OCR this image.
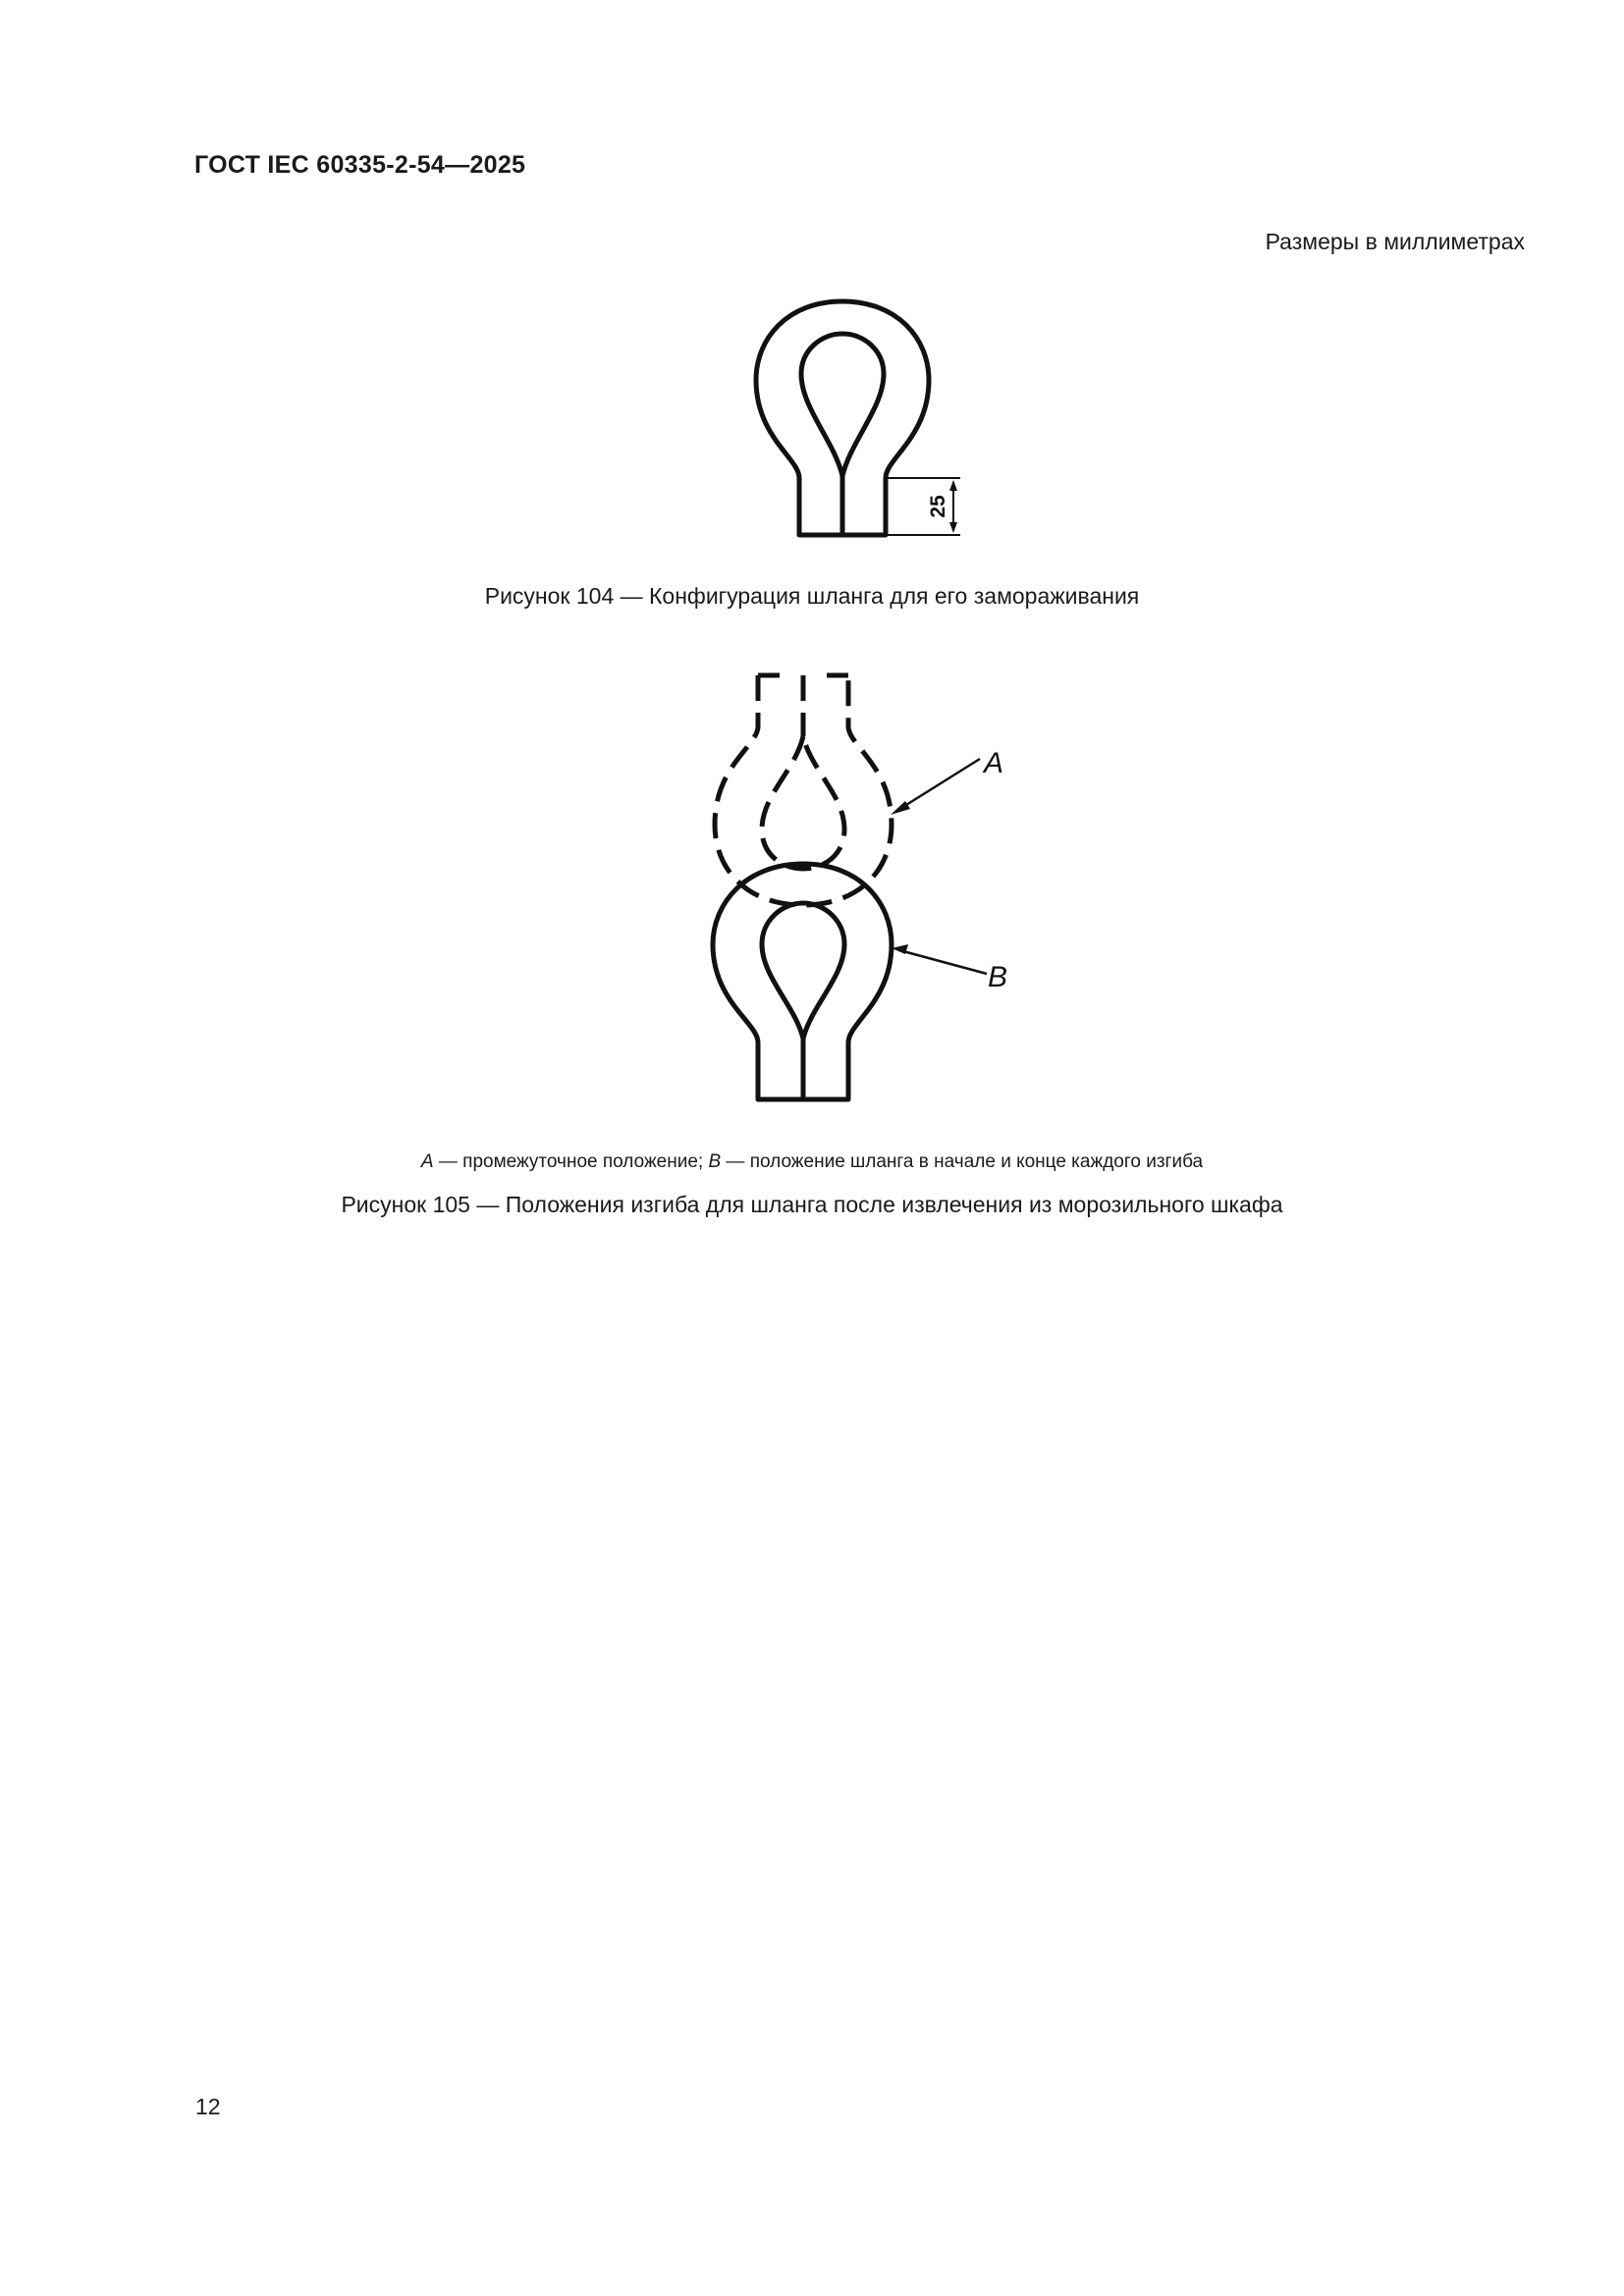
ГОСТ IEC 60335-2-54—2025
Размеры в миллиметрах
25
Рисунок 104 — Конфигурация шланга для его замораживания
A
B
A — промежуточное положение; B — положение шланга в начале и конце каждого изгиба
Рисунок 105 — Положения изгиба для шланга после извлечения из морозильного шкафа
12
